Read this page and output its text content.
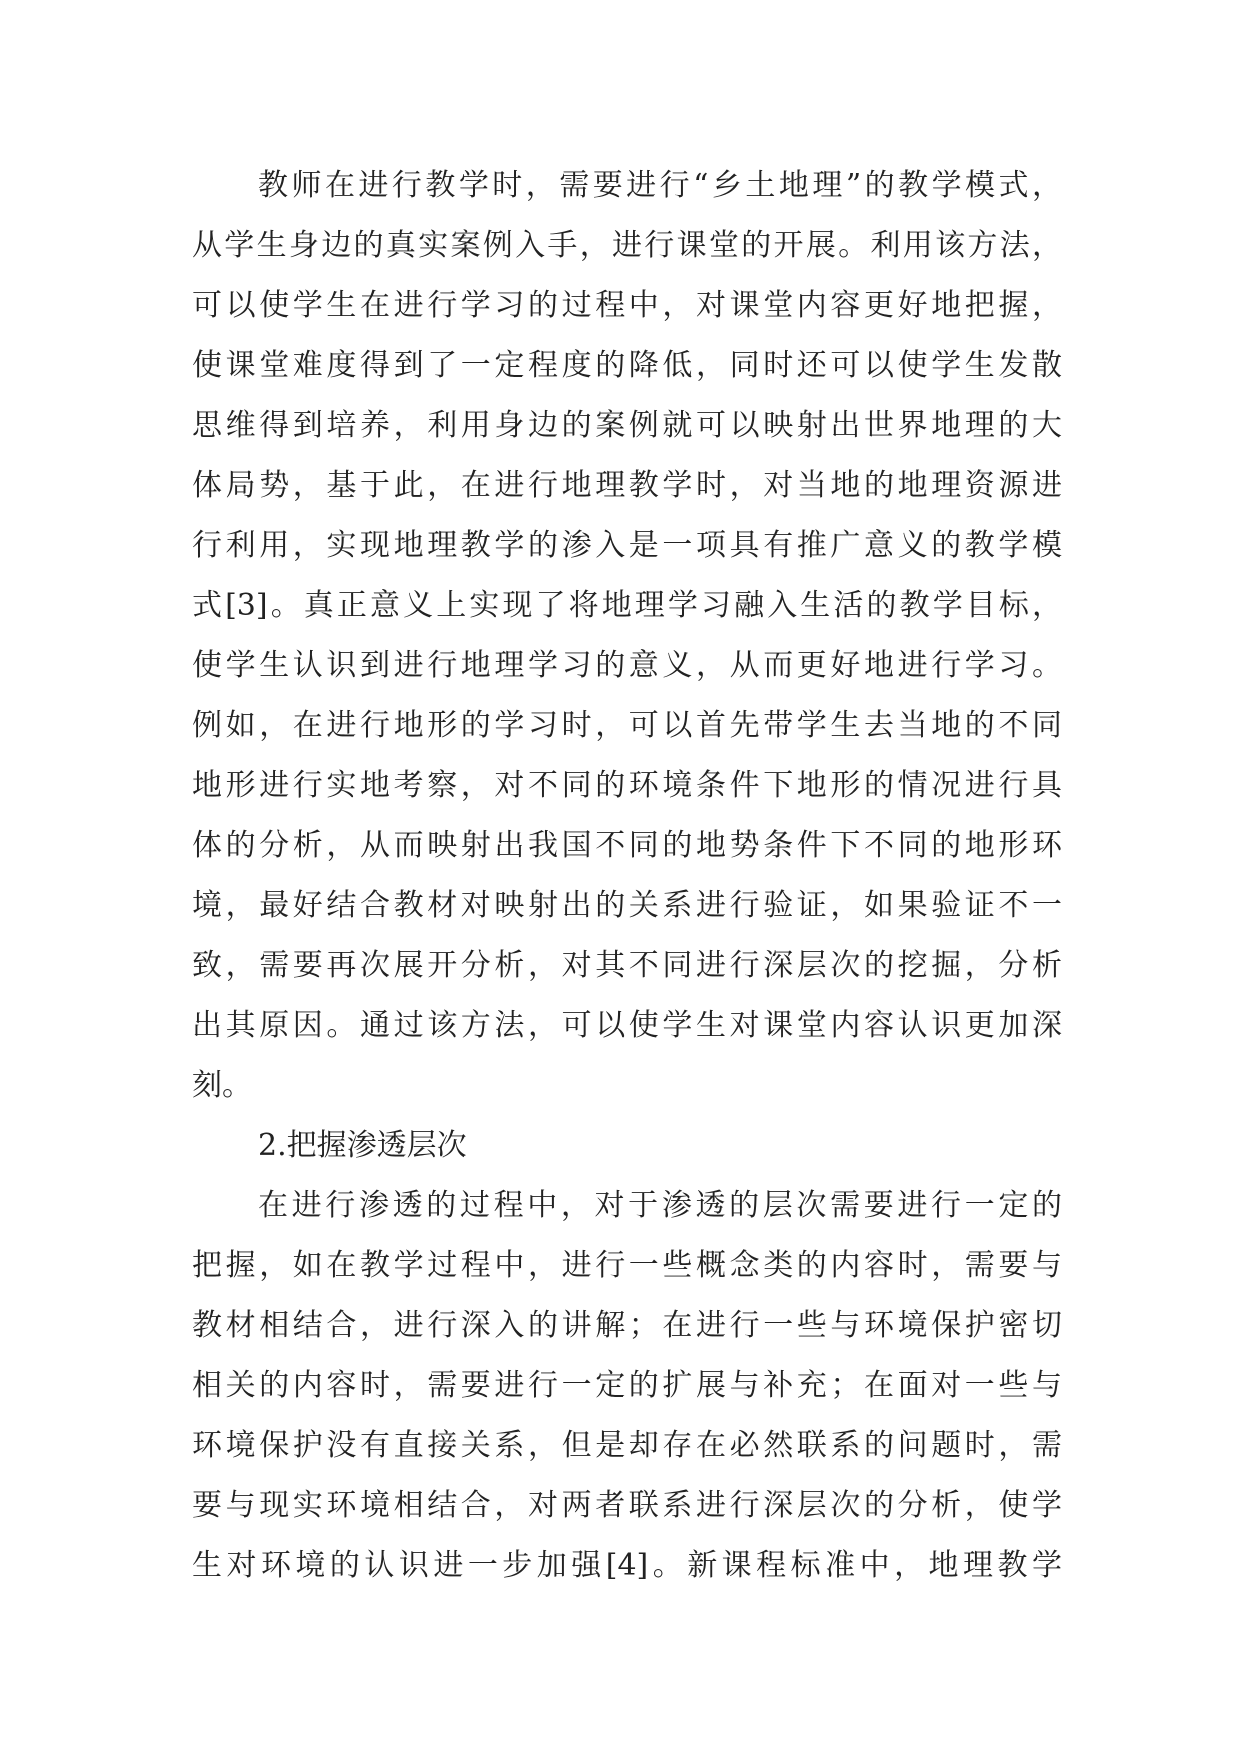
教师在进行教学时，需要进行“乡土地理”的教学模式，

从学生身边的真实案例入手，进行课堂的开展。利用该方法，

可以使学生在进行学习的过程中，对课堂内容更好地把握，

使课堂难度得到了一定程度的降低，同时还可以使学生发散

思维得到培养，利用身边的案例就可以映射出世界地理的大

体局势，基于此，在进行地理教学时，对当地的地理资源进

行利用，实现地理教学的渗入是一项具有推广意义的教学模

式[3]。真正意义上实现了将地理学习融入生活的教学目标，

使学生认识到进行地理学习的意义，从而更好地进行学习。

例如，在进行地形的学习时，可以首先带学生去当地的不同

地形进行实地考察，对不同的环境条件下地形的情况进行具

体的分析，从而映射出我国不同的地势条件下不同的地形环

境，最好结合教材对映射出的关系进行验证，如果验证不一

致，需要再次展开分析，对其不同进行深层次的挖掘，分析

出其原因。通过该方法，可以使学生对课堂内容认识更加深

刻。

2.把握渗透层次

在进行渗透的过程中，对于渗透的层次需要进行一定的

把握，如在教学过程中，进行一些概念类的内容时，需要与

教材相结合，进行深入的讲解；在进行一些与环境保护密切

相关的内容时，需要进行一定的扩展与补充；在面对一些与

环境保护没有直接关系，但是却存在必然联系的问题时，需

要与现实环境相结合，对两者联系进行深层次的分析，使学

生对环境的认识进一步加强[4]。新课程标准中，地理教学
